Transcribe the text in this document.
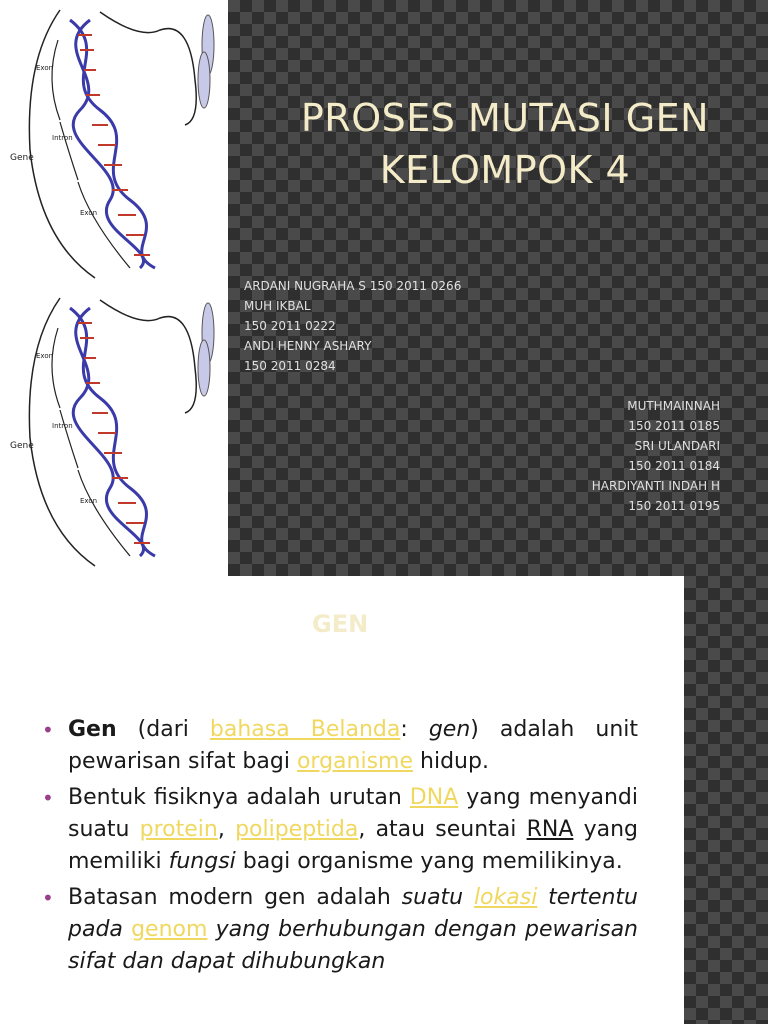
Gene
Exon
Intron
Exon
Gene
Exon
Intron
Exon
PROSES MUTASI GEN
KELOMPOK 4
ARDANI NUGRAHA S 150 2011 0266
MUH IKBAL
150 2011 0222
ANDI HENNY ASHARY
150 2011 0284
MUTHMAINNAH
150 2011 0185
SRI ULANDARI
150 2011 0184
HARDIYANTI INDAH H
150 2011 0195
GEN
• Gen (dari bahasa Belanda: gen) adalah unit pewarisan sifat bagi organisme hidup.
• Bentuk fisiknya adalah urutan DNA yang menyandi suatu protein, polipeptida, atau seuntai RNA yang memiliki fungsi bagi organisme yang memilikinya.
• Batasan modern gen adalah suatu lokasi tertentu pada genom yang berhubungan dengan pewarisan sifat dan dapat dihubungkan
